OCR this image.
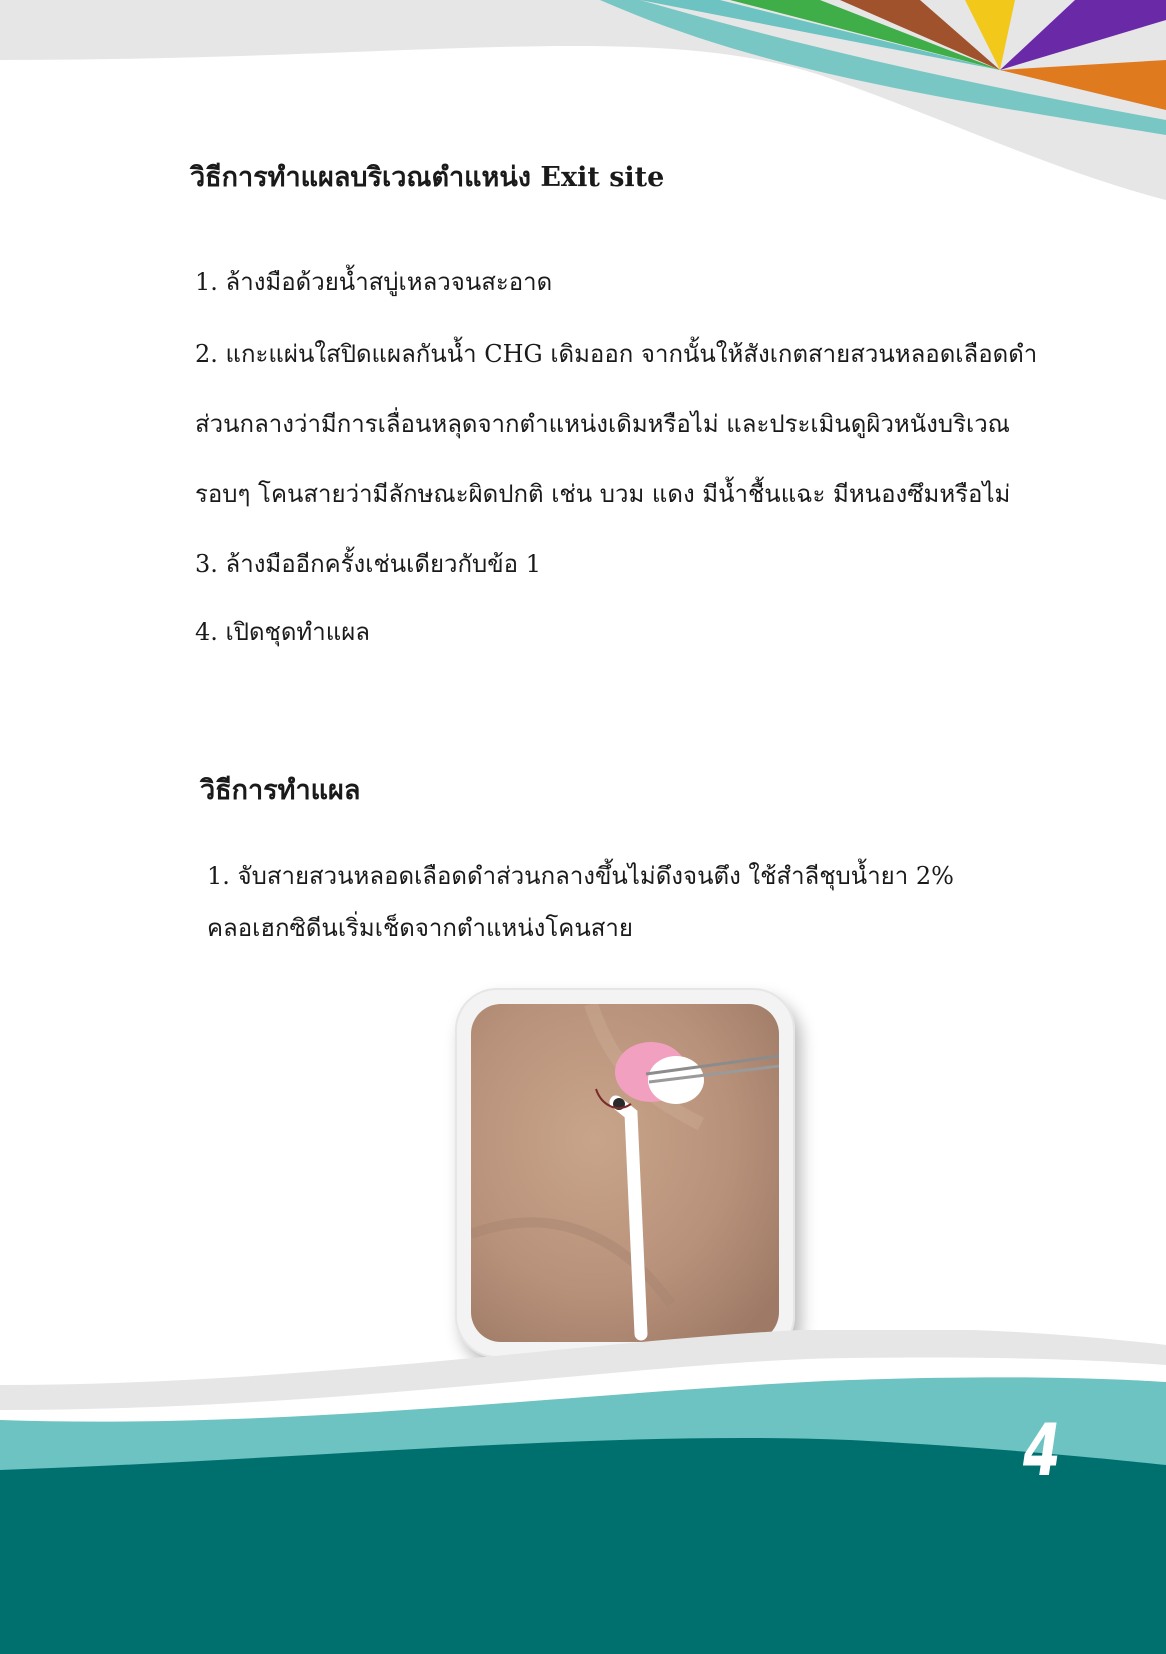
วิธีการทำแผลบริเวณตำแหน่ง Exit site

1. ล้างมือด้วยน้ำสบู่เหลวจนสะอาด

2. แกะแผ่นใสปิดแผลกันน้ำ CHG เดิมออก จากนั้นให้สังเกตสายสวนหลอดเลือดดำ

ส่วนกลางว่ามีการเลื่อนหลุดจากตำแหน่งเดิมหรือไม่ และประเมินดูผิวหนังบริเวณ

รอบๆ โคนสายว่ามีลักษณะผิดปกติ เช่น บวม แดง มีน้ำชื้นแฉะ มีหนองซึมหรือไม่

3. ล้างมืออีกครั้งเช่นเดียวกับข้อ 1

4. เปิดชุดทำแผล

วิธีการทำแผล
1. จับสายสวนหลอดเลือดดำส่วนกลางขึ้นไม่ดึงจนตึง ใช้สำลีชุบน้ำยา 2%
คลอเฮกซิดีนเริ่มเช็ดจากตำแหน่งโคนสาย
4
